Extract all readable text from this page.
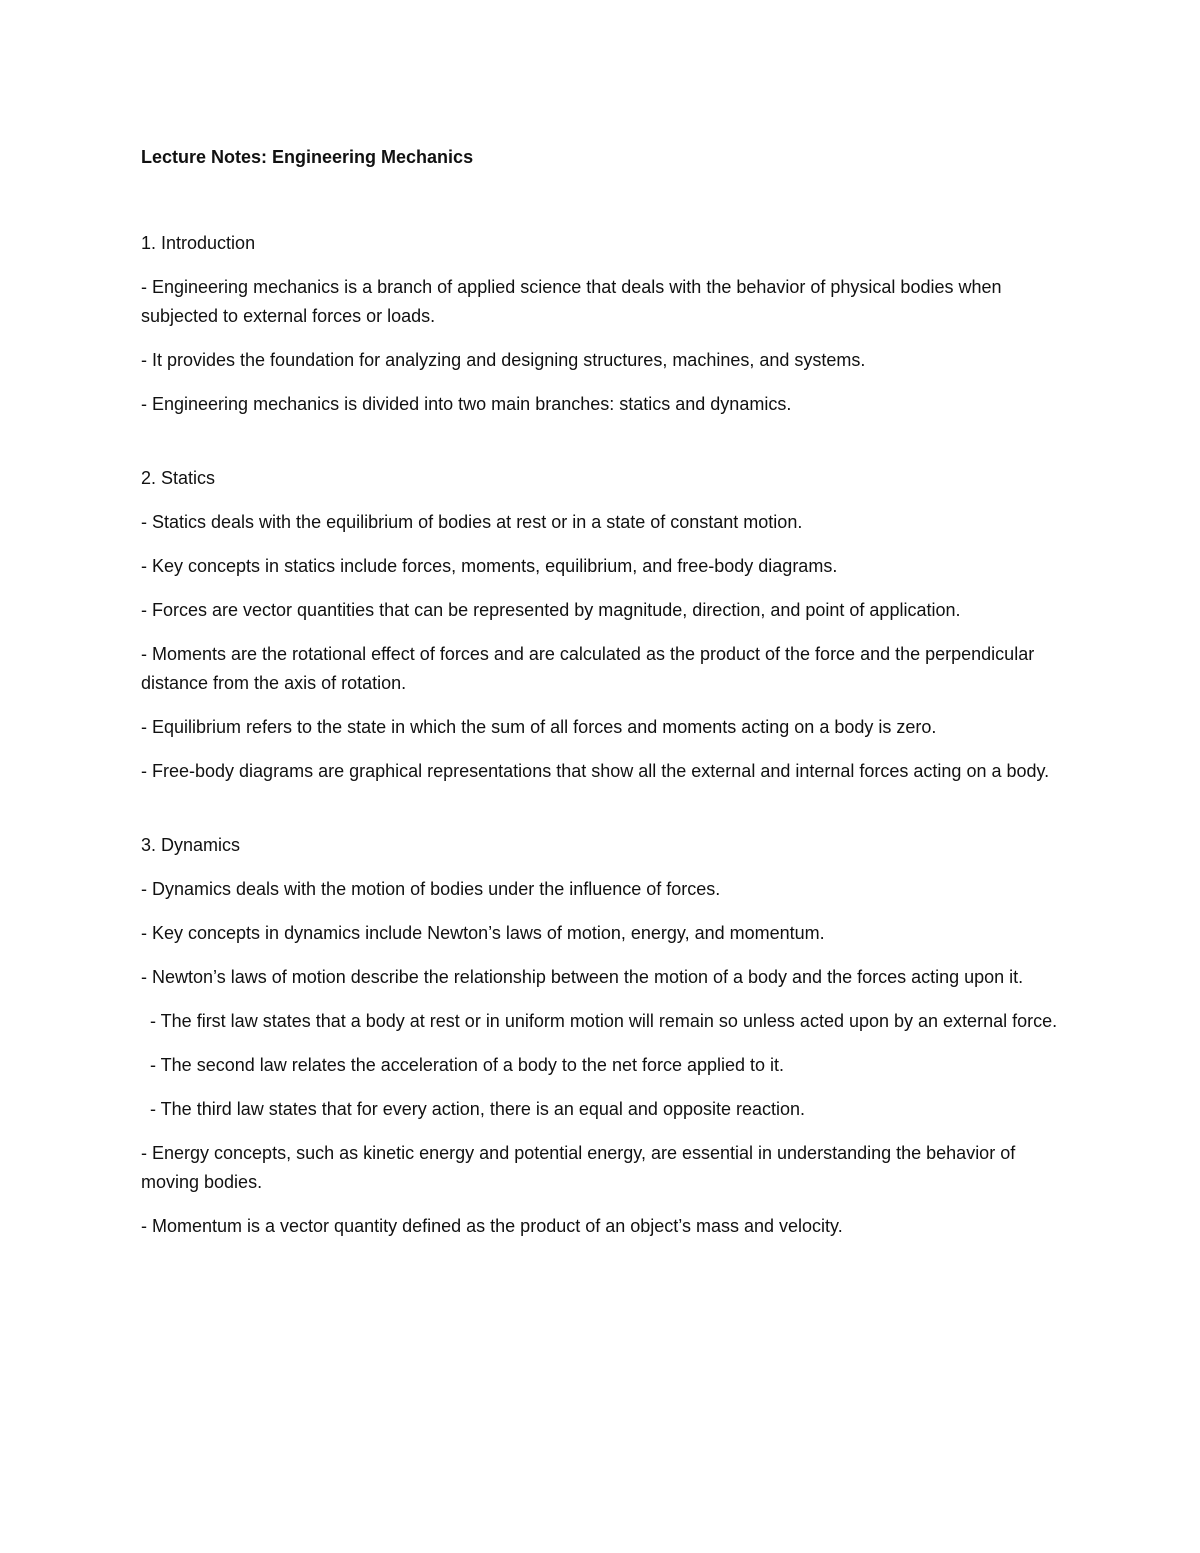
Lecture Notes: Engineering Mechanics

1. Introduction

- Engineering mechanics is a branch of applied science that deals with the behavior of physical bodies when subjected to external forces or loads.

- It provides the foundation for analyzing and designing structures, machines, and systems.

- Engineering mechanics is divided into two main branches: statics and dynamics.

2. Statics

- Statics deals with the equilibrium of bodies at rest or in a state of constant motion.

- Key concepts in statics include forces, moments, equilibrium, and free-body diagrams.

- Forces are vector quantities that can be represented by magnitude, direction, and point of application.

- Moments are the rotational effect of forces and are calculated as the product of the force and the perpendicular distance from the axis of rotation.

- Equilibrium refers to the state in which the sum of all forces and moments acting on a body is zero.

- Free-body diagrams are graphical representations that show all the external and internal forces acting on a body.

3. Dynamics

- Dynamics deals with the motion of bodies under the influence of forces.

- Key concepts in dynamics include Newton’s laws of motion, energy, and momentum.

- Newton’s laws of motion describe the relationship between the motion of a body and the forces acting upon it.

- The first law states that a body at rest or in uniform motion will remain so unless acted upon by an external force.

- The second law relates the acceleration of a body to the net force applied to it.

- The third law states that for every action, there is an equal and opposite reaction.

- Energy concepts, such as kinetic energy and potential energy, are essential in understanding the behavior of moving bodies.

- Momentum is a vector quantity defined as the product of an object’s mass and velocity.
